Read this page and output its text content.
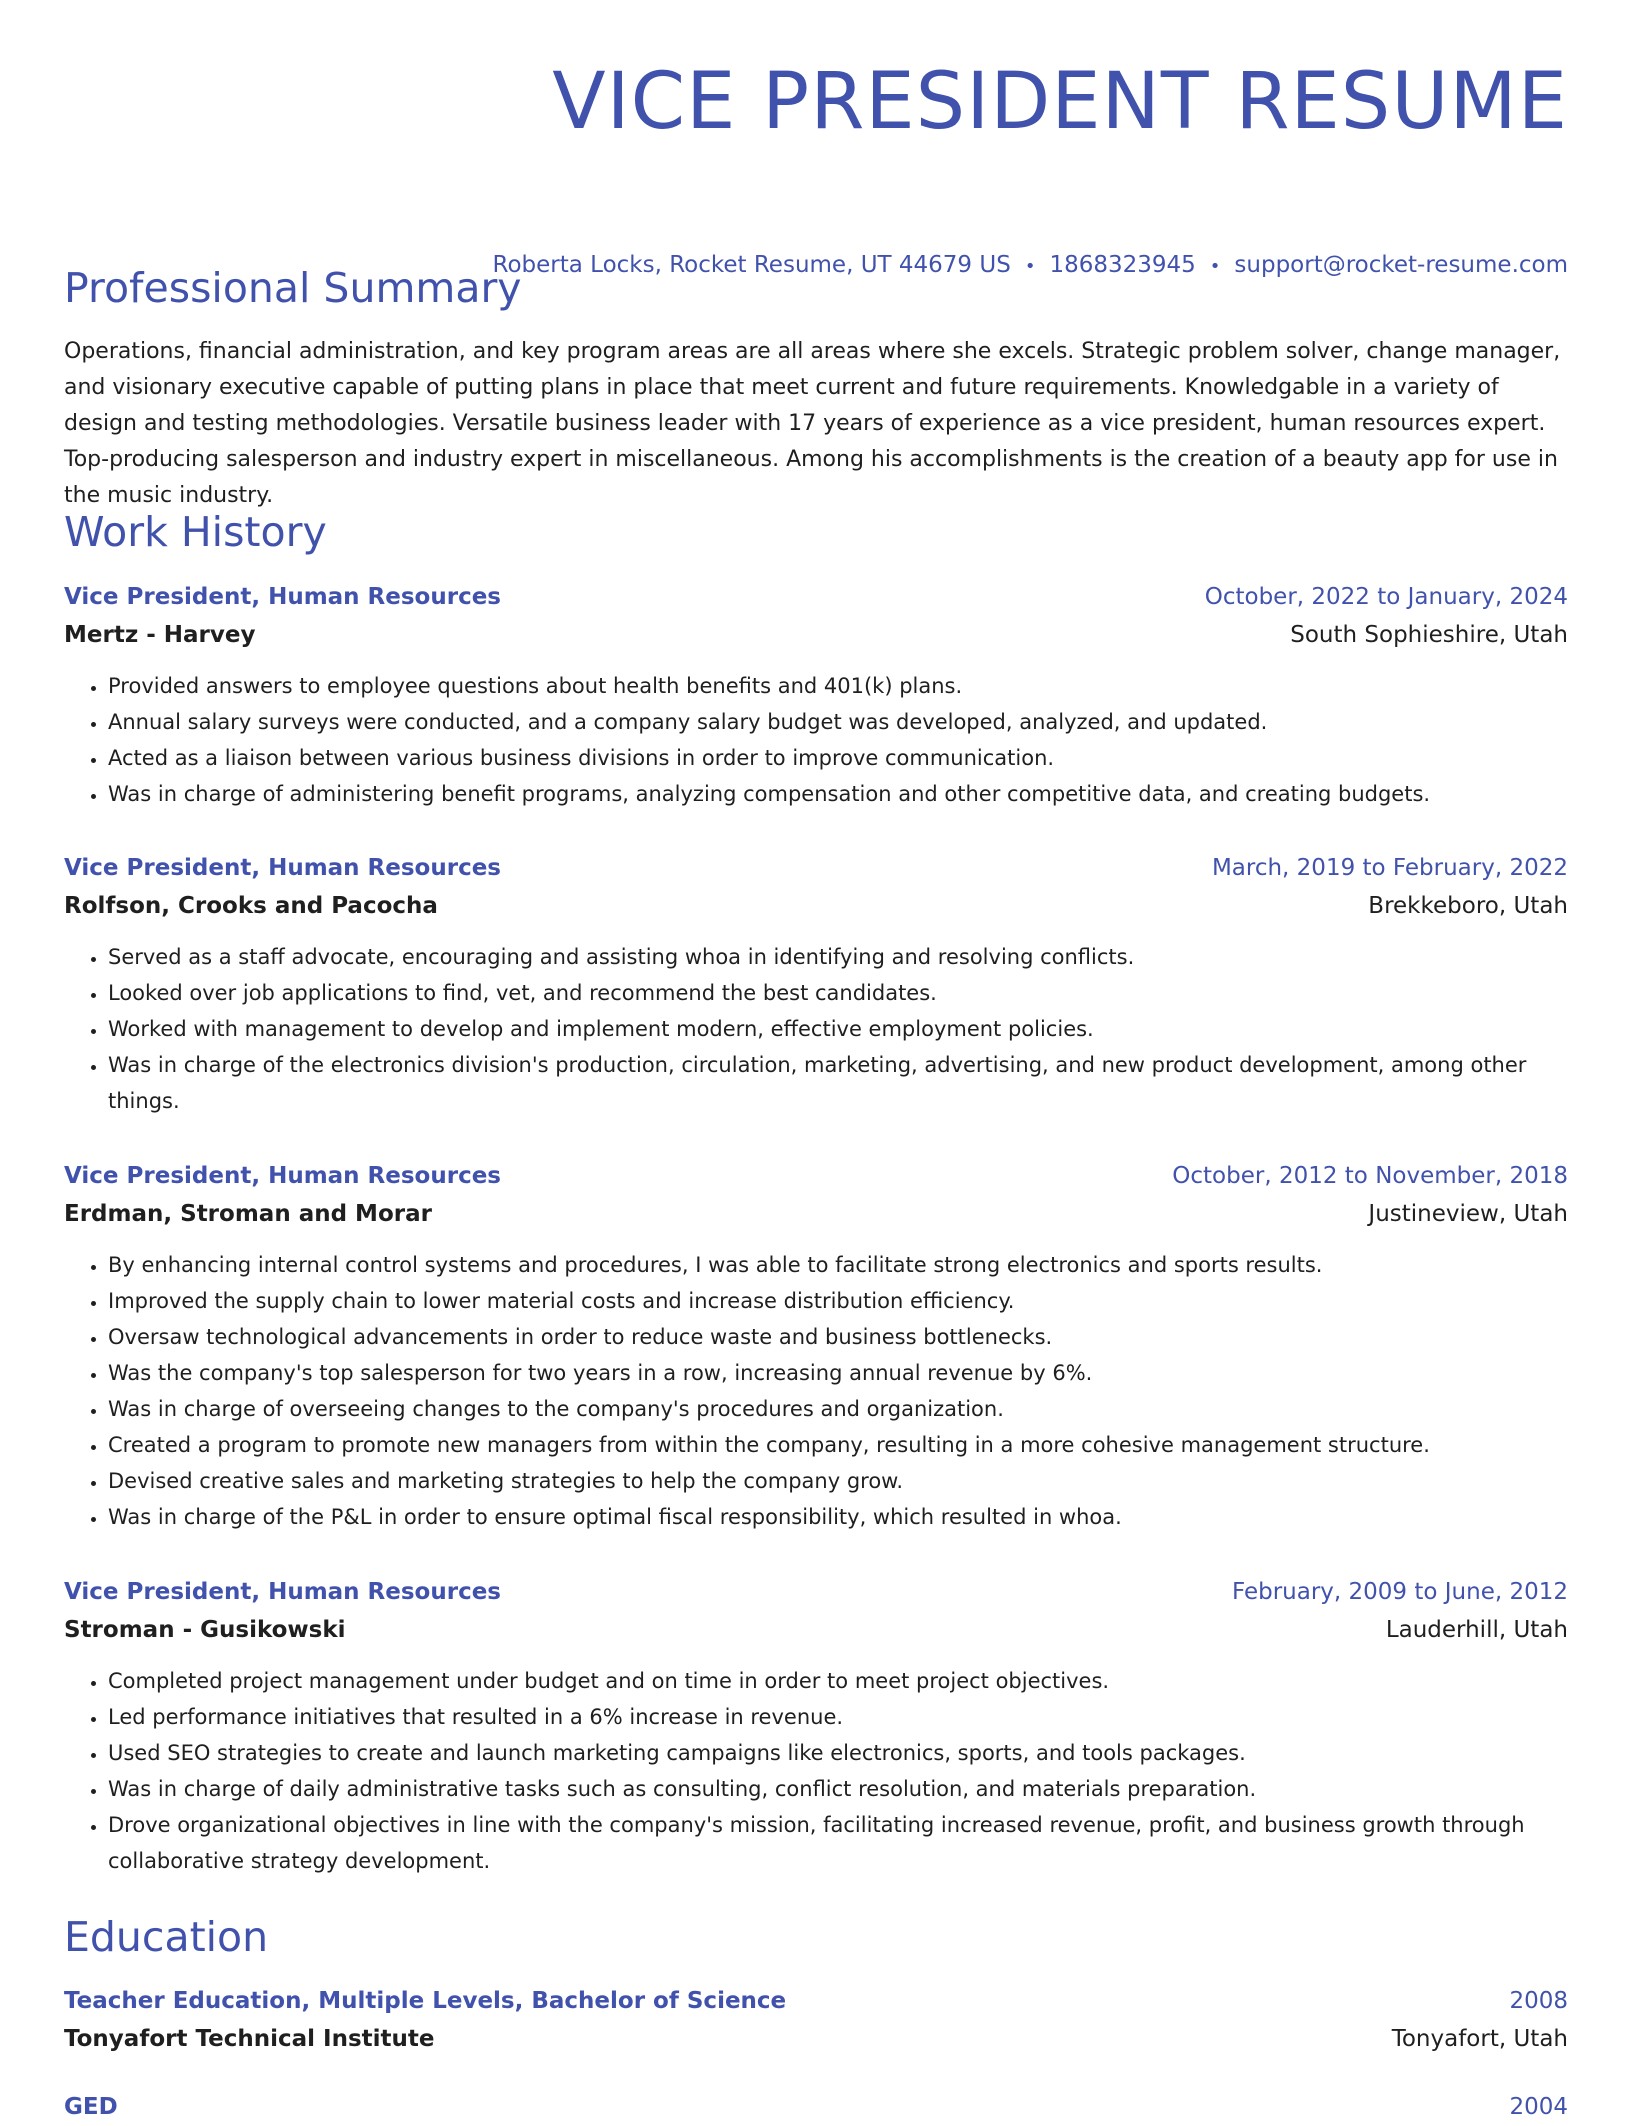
VICE PRESIDENT RESUME
Roberta Locks, Rocket Resume, UT 44679 US • 1868323945 • support@rocket-resume.com
Professional Summary

Operations, financial administration, and key program areas are all areas where she excels. Strategic problem solver, change manager, and visionary executive capable of putting plans in place that meet current and future requirements. Knowledgable in a variety of design and testing methodologies. Versatile business leader with 17 years of experience as a vice president, human resources expert. Top-producing salesperson and industry expert in miscellaneous. Among his accomplishments is the creation of a beauty app for use in the music industry.

Work History
Vice President, Human Resources	October, 2022 to January, 2024
Mertz - Harvey	South Sophieshire, Utah
• Provided answers to employee questions about health benefits and 401(k) plans.
• Annual salary surveys were conducted, and a company salary budget was developed, analyzed, and updated.
• Acted as a liaison between various business divisions in order to improve communication.
• Was in charge of administering benefit programs, analyzing compensation and other competitive data, and creating budgets.
Vice President, Human Resources	March, 2019 to February, 2022
Rolfson, Crooks and Pacocha	Brekkeboro, Utah
• Served as a staff advocate, encouraging and assisting whoa in identifying and resolving conflicts.
• Looked over job applications to find, vet, and recommend the best candidates.
• Worked with management to develop and implement modern, effective employment policies.
• Was in charge of the electronics division's production, circulation, marketing, advertising, and new product development, among other things.
Vice President, Human Resources	October, 2012 to November, 2018
Erdman, Stroman and Morar	Justineview, Utah
• By enhancing internal control systems and procedures, I was able to facilitate strong electronics and sports results.
• Improved the supply chain to lower material costs and increase distribution efficiency.
• Oversaw technological advancements in order to reduce waste and business bottlenecks.
• Was the company's top salesperson for two years in a row, increasing annual revenue by 6%.
• Was in charge of overseeing changes to the company's procedures and organization.
• Created a program to promote new managers from within the company, resulting in a more cohesive management structure.
• Devised creative sales and marketing strategies to help the company grow.
• Was in charge of the P&L in order to ensure optimal fiscal responsibility, which resulted in whoa.
Vice President, Human Resources	February, 2009 to June, 2012
Stroman - Gusikowski	Lauderhill, Utah
• Completed project management under budget and on time in order to meet project objectives.
• Led performance initiatives that resulted in a 6% increase in revenue.
• Used SEO strategies to create and launch marketing campaigns like electronics, sports, and tools packages.
• Was in charge of daily administrative tasks such as consulting, conflict resolution, and materials preparation.
• Drove organizational objectives in line with the company's mission, facilitating increased revenue, profit, and business growth through collaborative strategy development.
Education
Teacher Education, Multiple Levels, Bachelor of Science	2008
Tonyafort Technical Institute	Tonyafort, Utah
GED	2004
